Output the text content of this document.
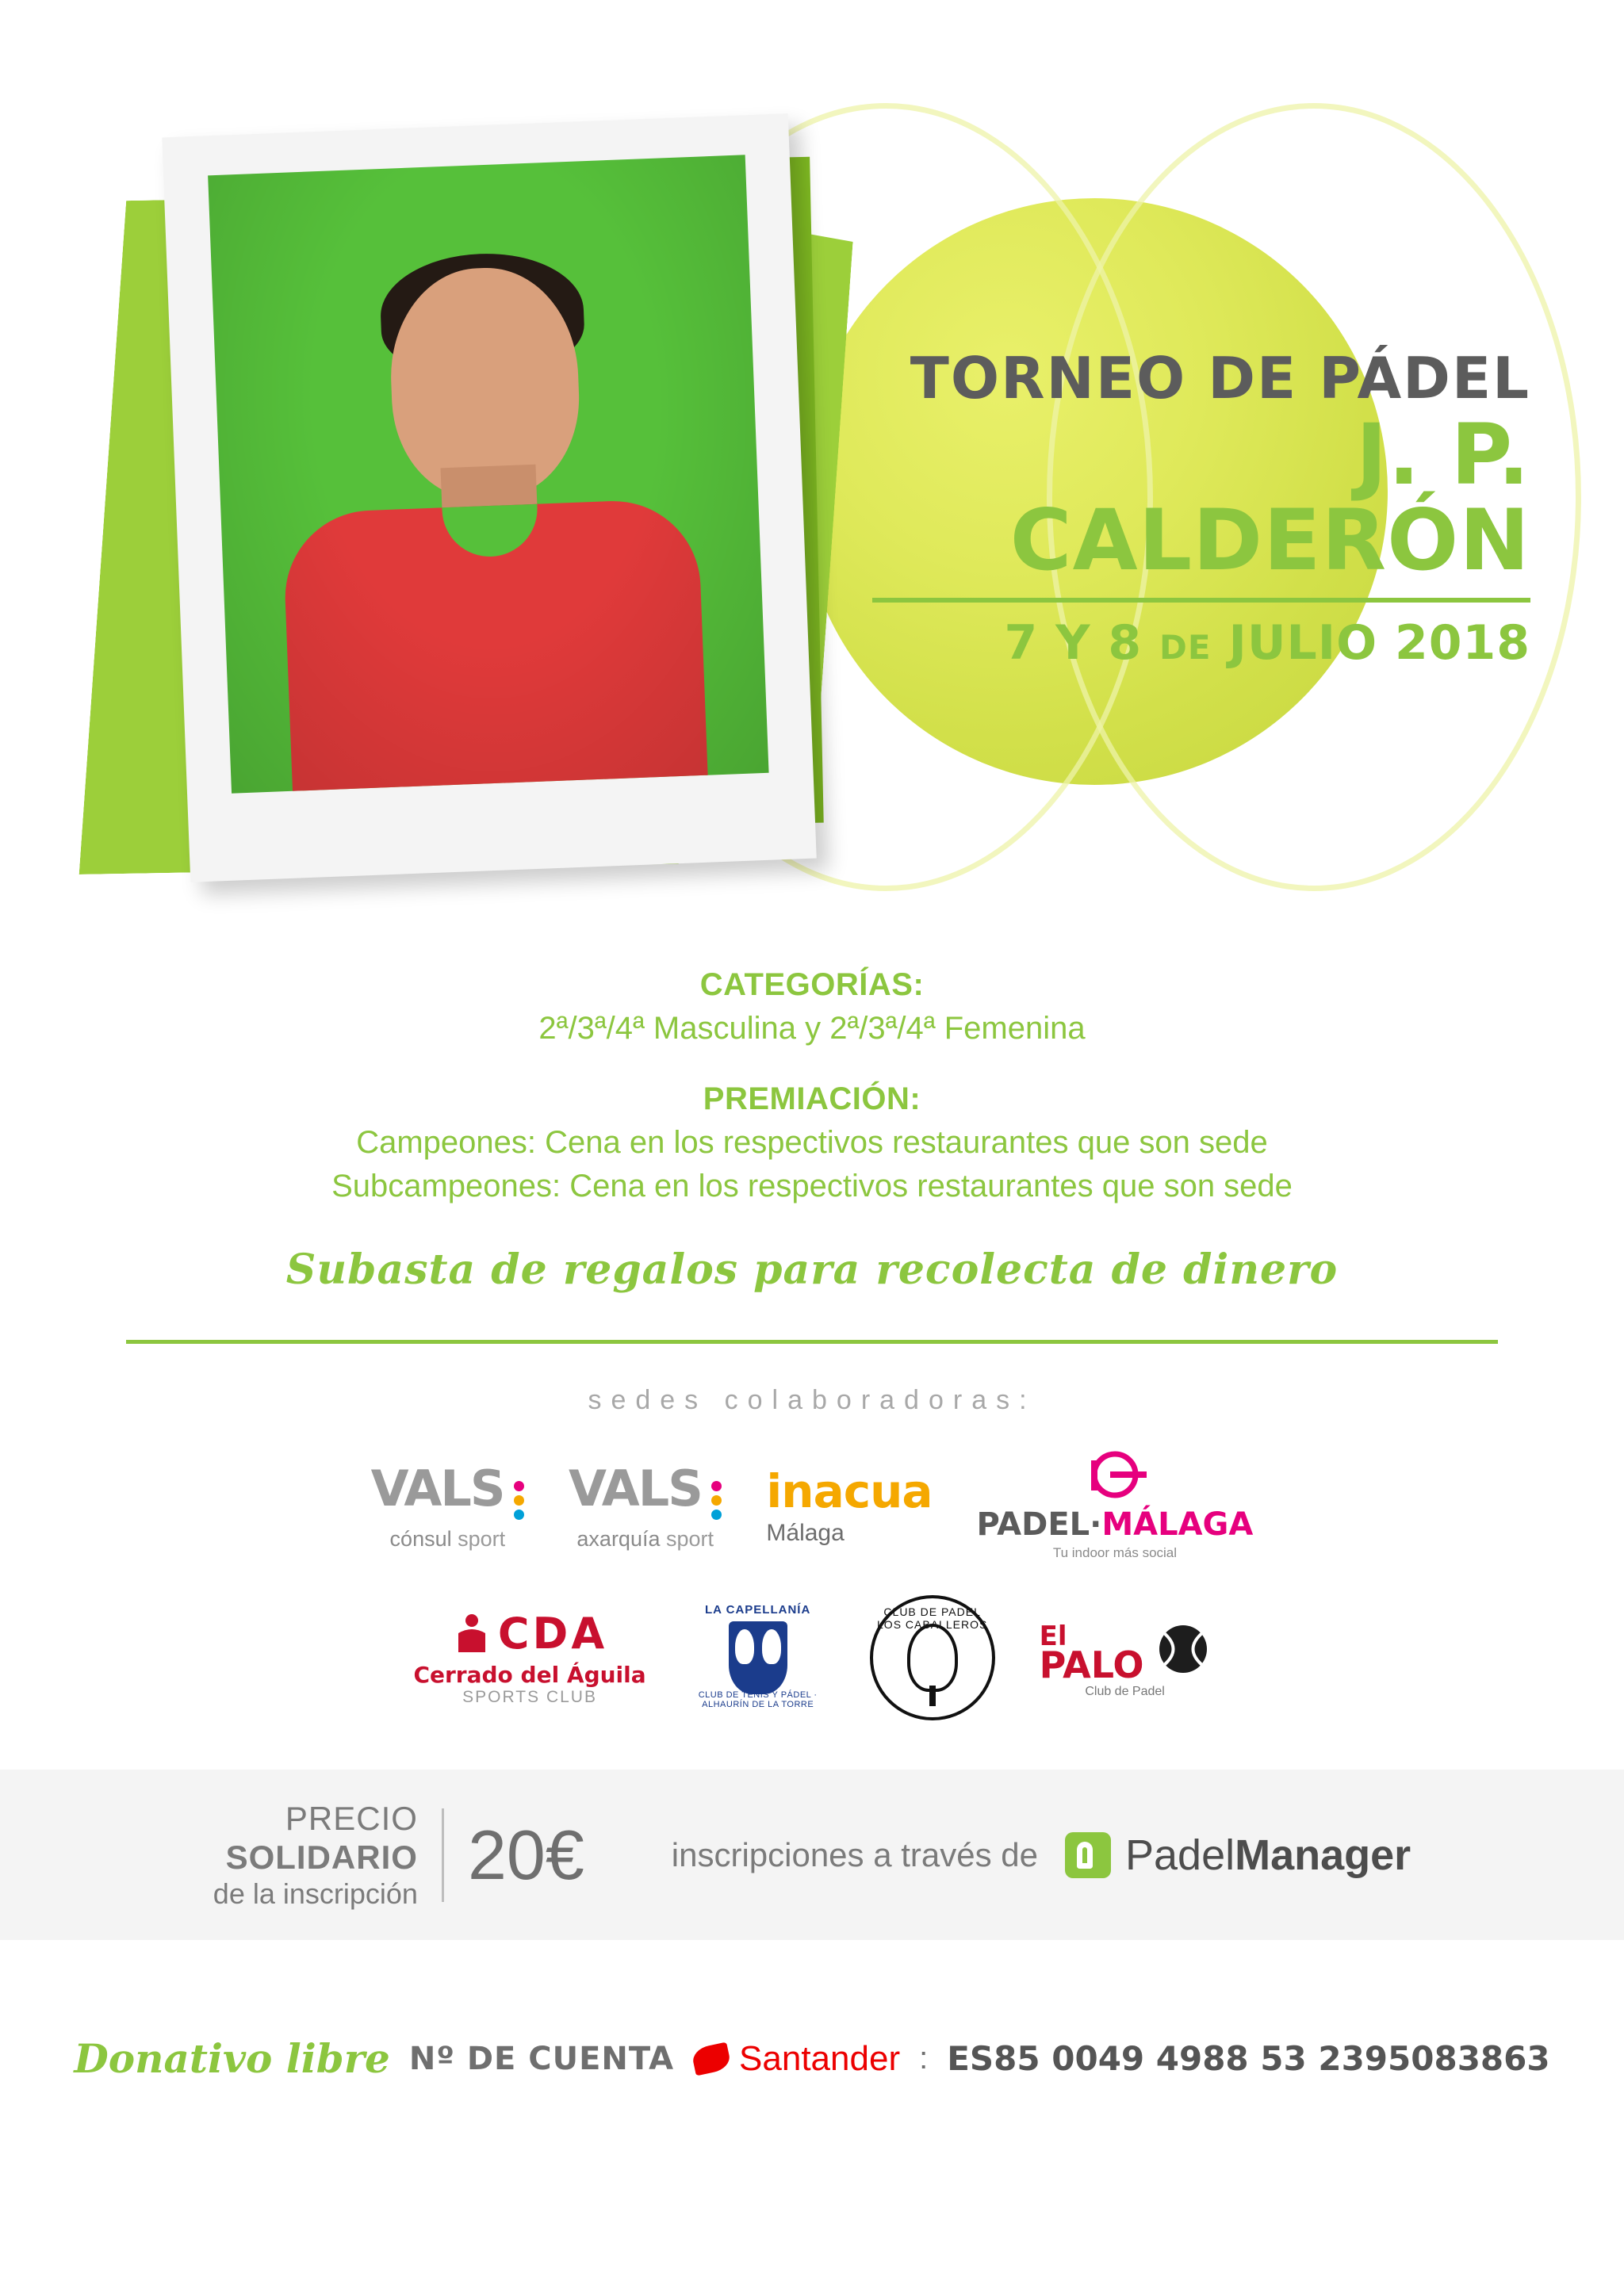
TORNEO DE PÁDEL
J. P. CALDERÓN
7 Y 8 DE JULIO 2018
CATEGORÍAS:

2ª/3ª/4ª Masculina y 2ª/3ª/4ª Femenina

PREMIACIÓN:

Campeones: Cena en los respectivos restaurantes que son sede

Subcampeones: Cena en los respectivos restaurantes que son sede

Subasta de regalos para recolecta de dinero
sedes colaboradoras:
VALS
cónsul sport
VALS
axarquía sport
inacua
Málaga	PADEL·MÁLAGA
Tu indoor más social
CDA
Cerrado del Águila
SPORTS CLUB
LA CAPELLANÍA
CLUB DE TENIS Y PÁDEL · ALHAURÍN DE LA TORRE
CLUB DE PADEL LOS CABALLEROS El
PALO
Club de Padel
PRECIO
SOLIDARIO
de la inscripción 20€	inscripciones a través de PadelManager
Donativo libre Nº DE CUENTA Santander : ES85 0049 4988 53 2395083863
